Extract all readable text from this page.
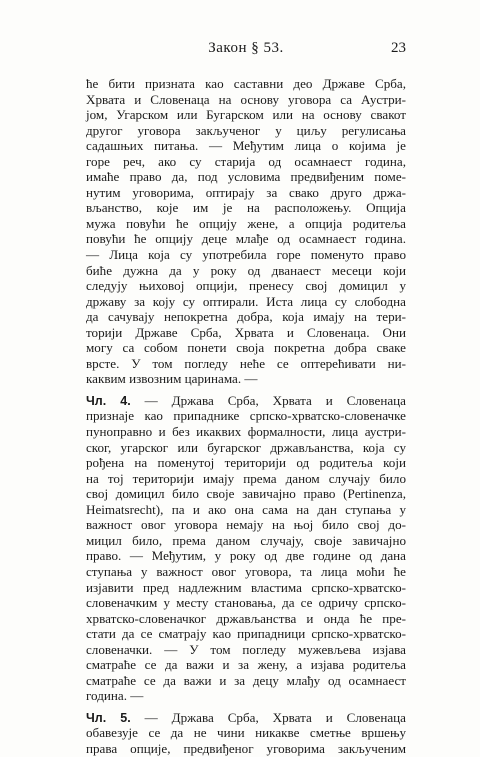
Закон § 53.	23
ће бити призната као саставни део Државе Срба,
Хрвата и Словенаца на основу уговора са Аустри-
јом, Угарском или Бугарском или на основу свакот
другог уговора закљученог у циљу регулисања
садашњих питања. — Међутим лица о којима је
горе реч, ако су старија од осамнаест година,
имаће право да, под условима предвиђеним поме-
нутим уговорима, оптирају за свако друго држа-
вљанство, које им је на расположењу. Опција
мужа повући ће опцију жене, а опција родитеља
повући ће опцију деце млађе од осамнаест година.
— Лица која су употребила горе поменуто право
биће дужна да у року од дванаест месеци који
следују њиховој опцији, пренесу свој домицил у
државу за коју су оптирали. Иста лица су слободна
да сачувају непокретна добра, која имају на тери-
торији Државе Срба, Хрвата и Словенаца. Они
могу са собом понети своја покретна добра сваке
врсте. У том погледу неће се оптерећивати ни-
каквим извозним царинама. —
Чл. 4. — Држава Срба, Хрвата и Словенаца
признаје као припаднике српско-хрватско-словеначке
пуноправно и без икаквих формалности, лица аустри-
ског, угарског или бугарског држављанства, која су
рођена на поменутој територији од родитеља који
на тој територији имају према даном случају било
свој домицил било своје завичајно право (Pertinenza,
Heimatsrecht), па и ако она сама на дан ступања у
важност овог уговора немају на њој било свој до-
мицил било, према даном случају, своје завичајно
право. — Међутим, у року од две године од дана
ступања у важност овог уговора, та лица моћи ће
изјавити пред надлежним властима српско-хрватско-
словеначким у месту становања, да се одричу српско-
хрватско-словеначког држављанства и онда ће пре-
стати да се сматрају као припадници српско-хрватско-
словеначки. — У том погледу мужевљева изјава
сматраће се да важи и за жену, а изјава родитеља
сматраће се да важи и за децу млађу од осамнаест
година. —
Чл. 5. — Држава Срба, Хрвата и Словенаца
обавезује се да не чини никакве сметње вршењу
права опције, предвиђеног уговорима закљученим
